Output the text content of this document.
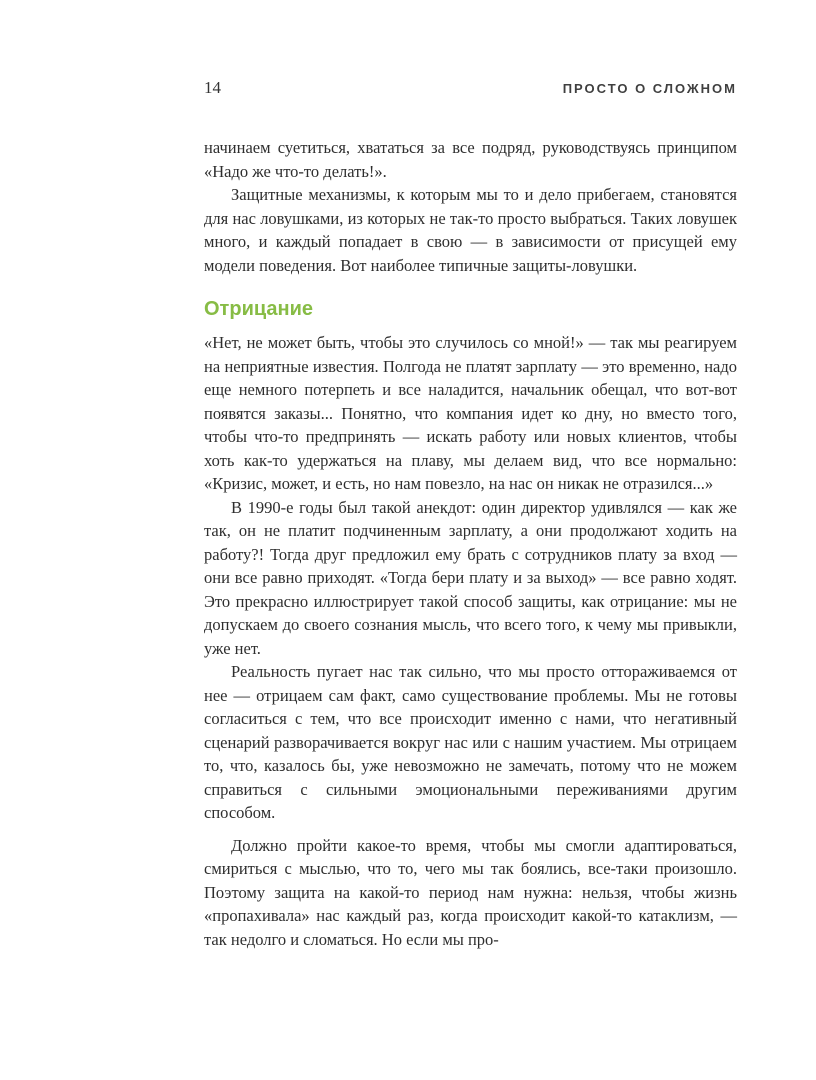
14	ПРОСТО О СЛОЖНОМ

начинаем суетиться, хвататься за все подряд, руководствуясь принципом «Надо же что-то делать!».

Защитные механизмы, к которым мы то и дело прибегаем, становятся для нас ловушками, из которых не так-то просто выбраться. Таких ловушек много, и каждый попадает в свою — в зависимости от присущей ему модели поведения. Вот наиболее типичные защиты-ловушки.

Отрицание

«Нет, не может быть, чтобы это случилось со мной!» — так мы реагируем на неприятные известия. Полгода не платят зарплату — это временно, надо еще немного потерпеть и все наладится, начальник обещал, что вот-вот появятся заказы... Понятно, что компания идет ко дну, но вместо того, чтобы что-то предпринять — искать работу или новых клиентов, чтобы хоть как-то удержаться на плаву, мы делаем вид, что все нормально: «Кризис, может, и есть, но нам повезло, на нас он никак не отразился...»

В 1990-е годы был такой анекдот: один директор удивлялся — как же так, он не платит подчиненным зарплату, а они продолжают ходить на работу?! Тогда друг предложил ему брать с сотрудников плату за вход — они все равно приходят. «Тогда бери плату и за выход» — все равно ходят. Это прекрасно иллюстрирует такой способ защиты, как отрицание: мы не допускаем до своего сознания мысль, что всего того, к чему мы привыкли, уже нет.

Реальность пугает нас так сильно, что мы просто оттораживаемся от нее — отрицаем сам факт, само существование проблемы. Мы не готовы согласиться с тем, что все происходит именно с нами, что негативный сценарий разворачивается вокруг нас или с нашим участием. Мы отрицаем то, что, казалось бы, уже невозможно не замечать, потому что не можем справиться с сильными эмоциональными переживаниями другим способом.

Должно пройти какое-то время, чтобы мы смогли адаптироваться, смириться с мыслью, что то, чего мы так боялись, все-таки произошло. Поэтому защита на какой-то период нам нужна: нельзя, чтобы жизнь «пропахивала» нас каждый раз, когда происходит какой-то катаклизм, — так недолго и сломаться. Но если мы про-
